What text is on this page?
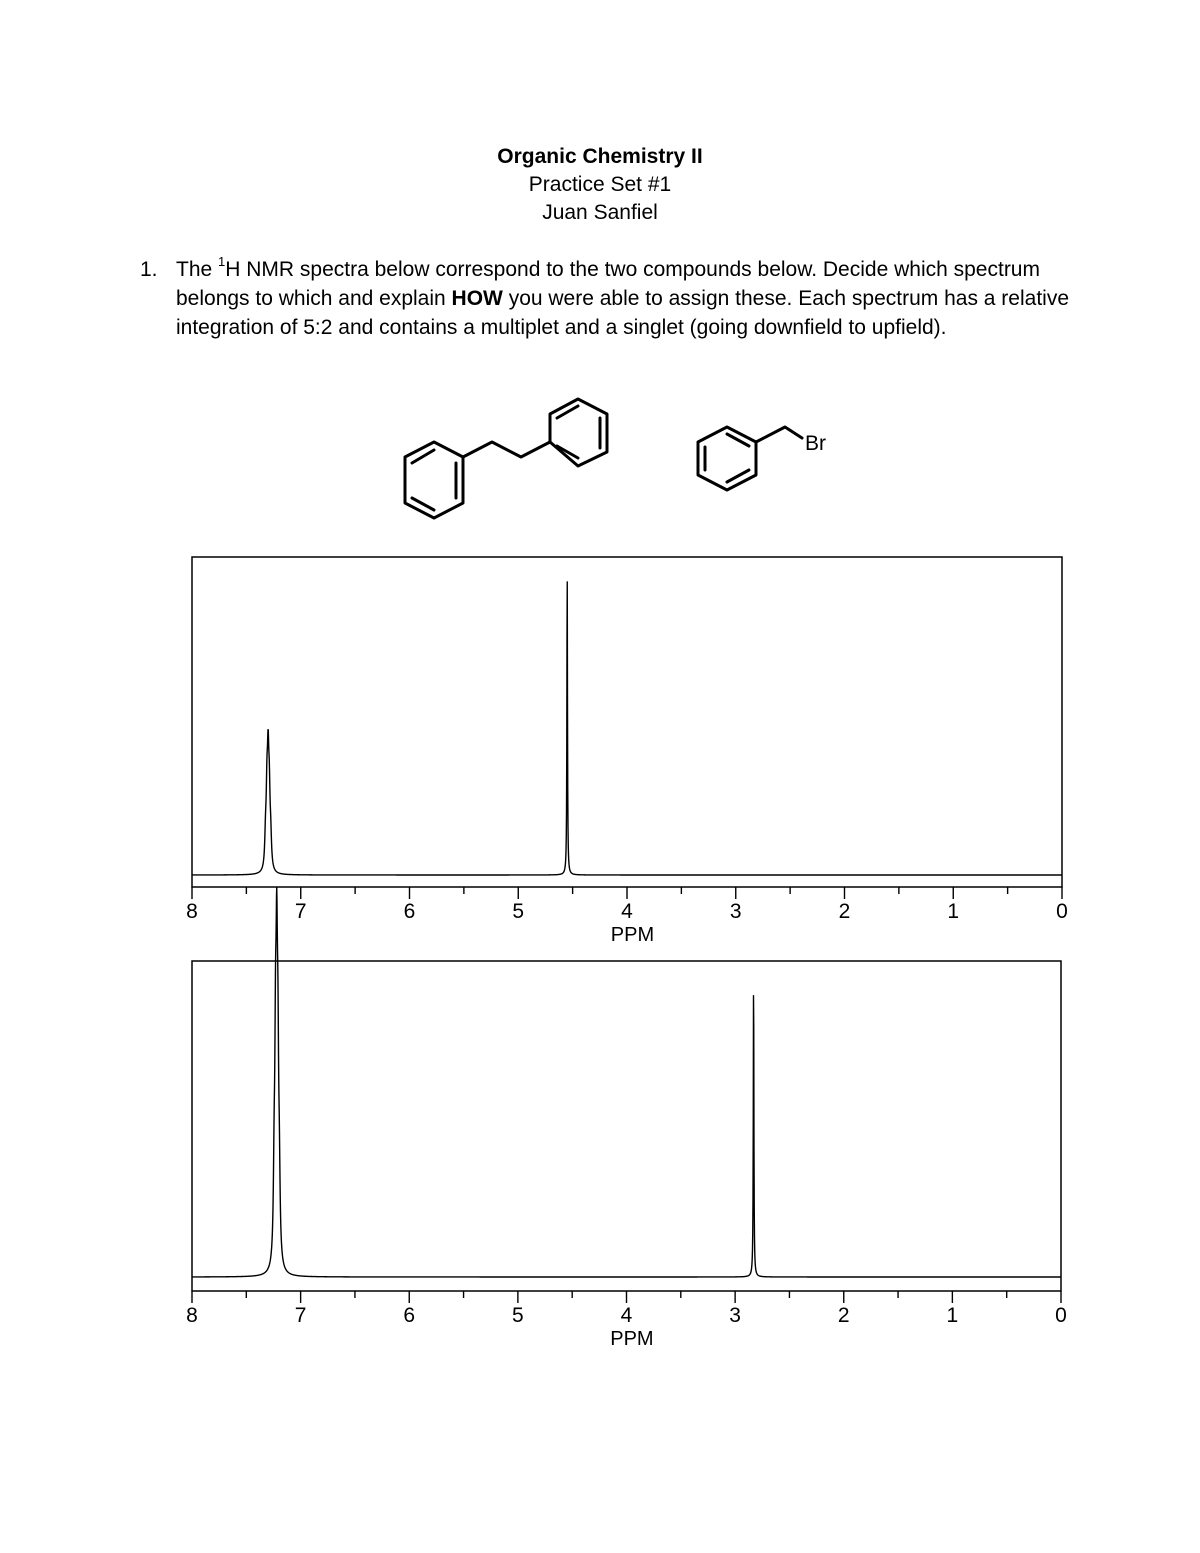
Organic Chemistry II
Practice Set #1
Juan Sanfiel
1. The $^1$H NMR spectra below correspond to the two compounds below. Decide which spectrum belongs to which and explain HOW you were able to assign these. Each spectrum has a relative integration of 5:2 and contains a multiplet and a singlet (going downfield to upfield).
Br
8	7	6	5	4	3	2	1	0
PPM
8	7	6	5	4	3	2	1	0
PPM
